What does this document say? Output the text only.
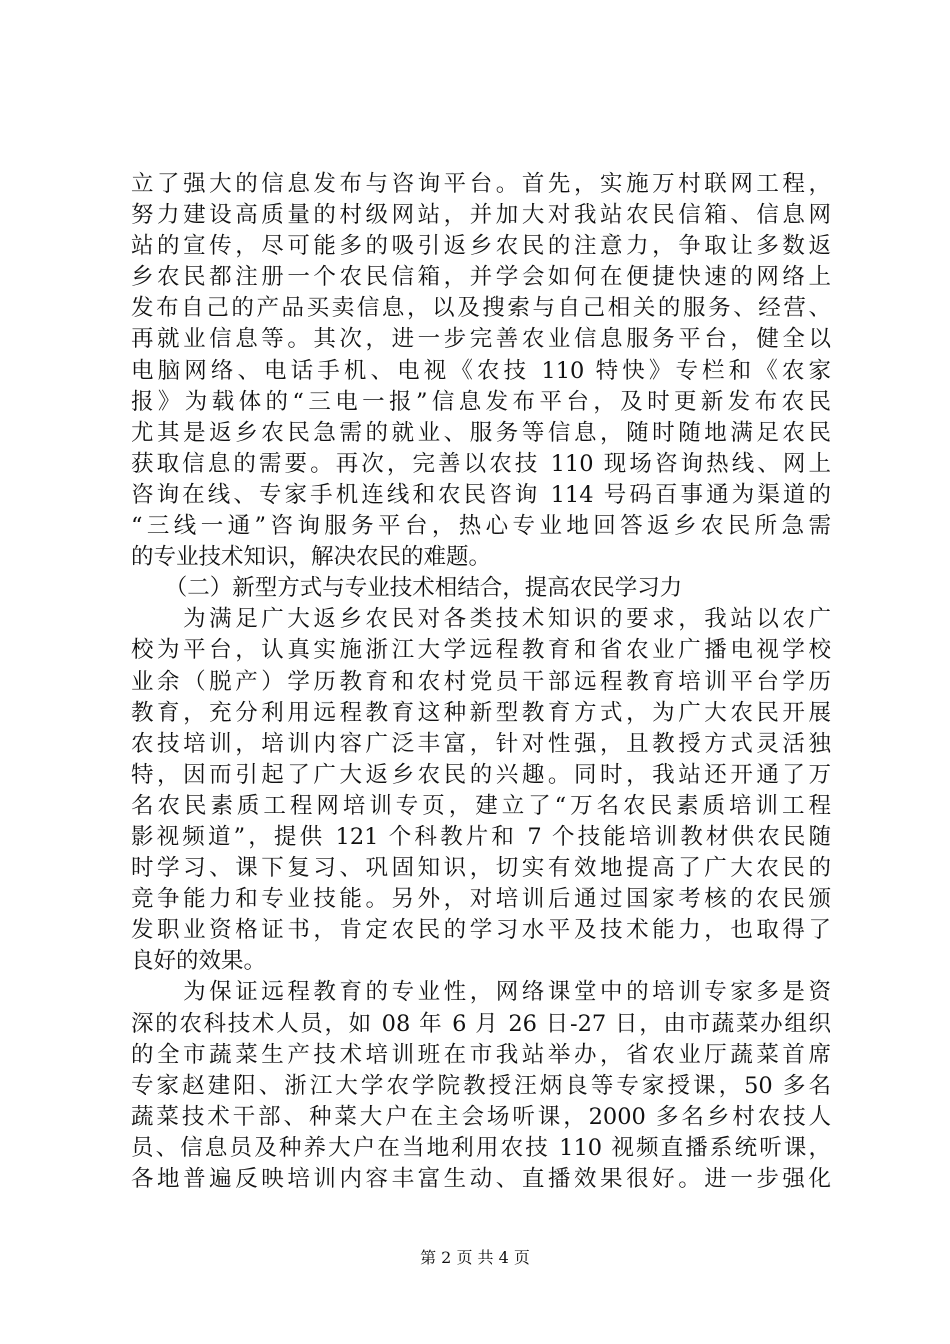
立了强大的信息发布与咨询平台。首先，实施万村联网工程，
努力建设高质量的村级网站，并加大对我站农民信箱、信息网
站的宣传，尽可能多的吸引返乡农民的注意力，争取让多数返
乡农民都注册一个农民信箱，并学会如何在便捷快速的网络上
发布自己的产品买卖信息，以及搜索与自己相关的服务、经营、
再就业信息等。其次，进一步完善农业信息服务平台，健全以
电脑网络、电话手机、电视《农技 110 特快》专栏和《农家
报》为载体的“三电一报”信息发布平台，及时更新发布农民
尤其是返乡农民急需的就业、服务等信息，随时随地满足农民
获取信息的需要。再次，完善以农技 110 现场咨询热线、网上
咨询在线、专家手机连线和农民咨询 114 号码百事通为渠道的
“三线一通”咨询服务平台，热心专业地回答返乡农民所急需
的专业技术知识，解决农民的难题。
　　（二）新型方式与专业技术相结合，提高农民学习力
　　为满足广大返乡农民对各类技术知识的要求，我站以农广
校为平台，认真实施浙江大学远程教育和省农业广播电视学校
业余（脱产）学历教育和农村党员干部远程教育培训平台学历
教育，充分利用远程教育这种新型教育方式，为广大农民开展
农技培训，培训内容广泛丰富，针对性强，且教授方式灵活独
特，因而引起了广大返乡农民的兴趣。同时，我站还开通了万
名农民素质工程网培训专页，建立了“万名农民素质培训工程
影视频道”，提供 121 个科教片和 7 个技能培训教材供农民随
时学习、课下复习、巩固知识，切实有效地提高了广大农民的
竞争能力和专业技能。另外，对培训后通过国家考核的农民颁
发职业资格证书，肯定农民的学习水平及技术能力，也取得了
良好的效果。
　　为保证远程教育的专业性，网络课堂中的培训专家多是资
深的农科技术人员，如 08 年 6 月 26 日-27 日，由市蔬菜办组织
的全市蔬菜生产技术培训班在市我站举办，省农业厅蔬菜首席
专家赵建阳、浙江大学农学院教授汪炳良等专家授课，50 多名
蔬菜技术干部、种菜大户在主会场听课，2000 多名乡村农技人
员、信息员及种养大户在当地利用农技 110 视频直播系统听课，
各地普遍反映培训内容丰富生动、直播效果很好。进一步强化
第 2 页 共 4 页
